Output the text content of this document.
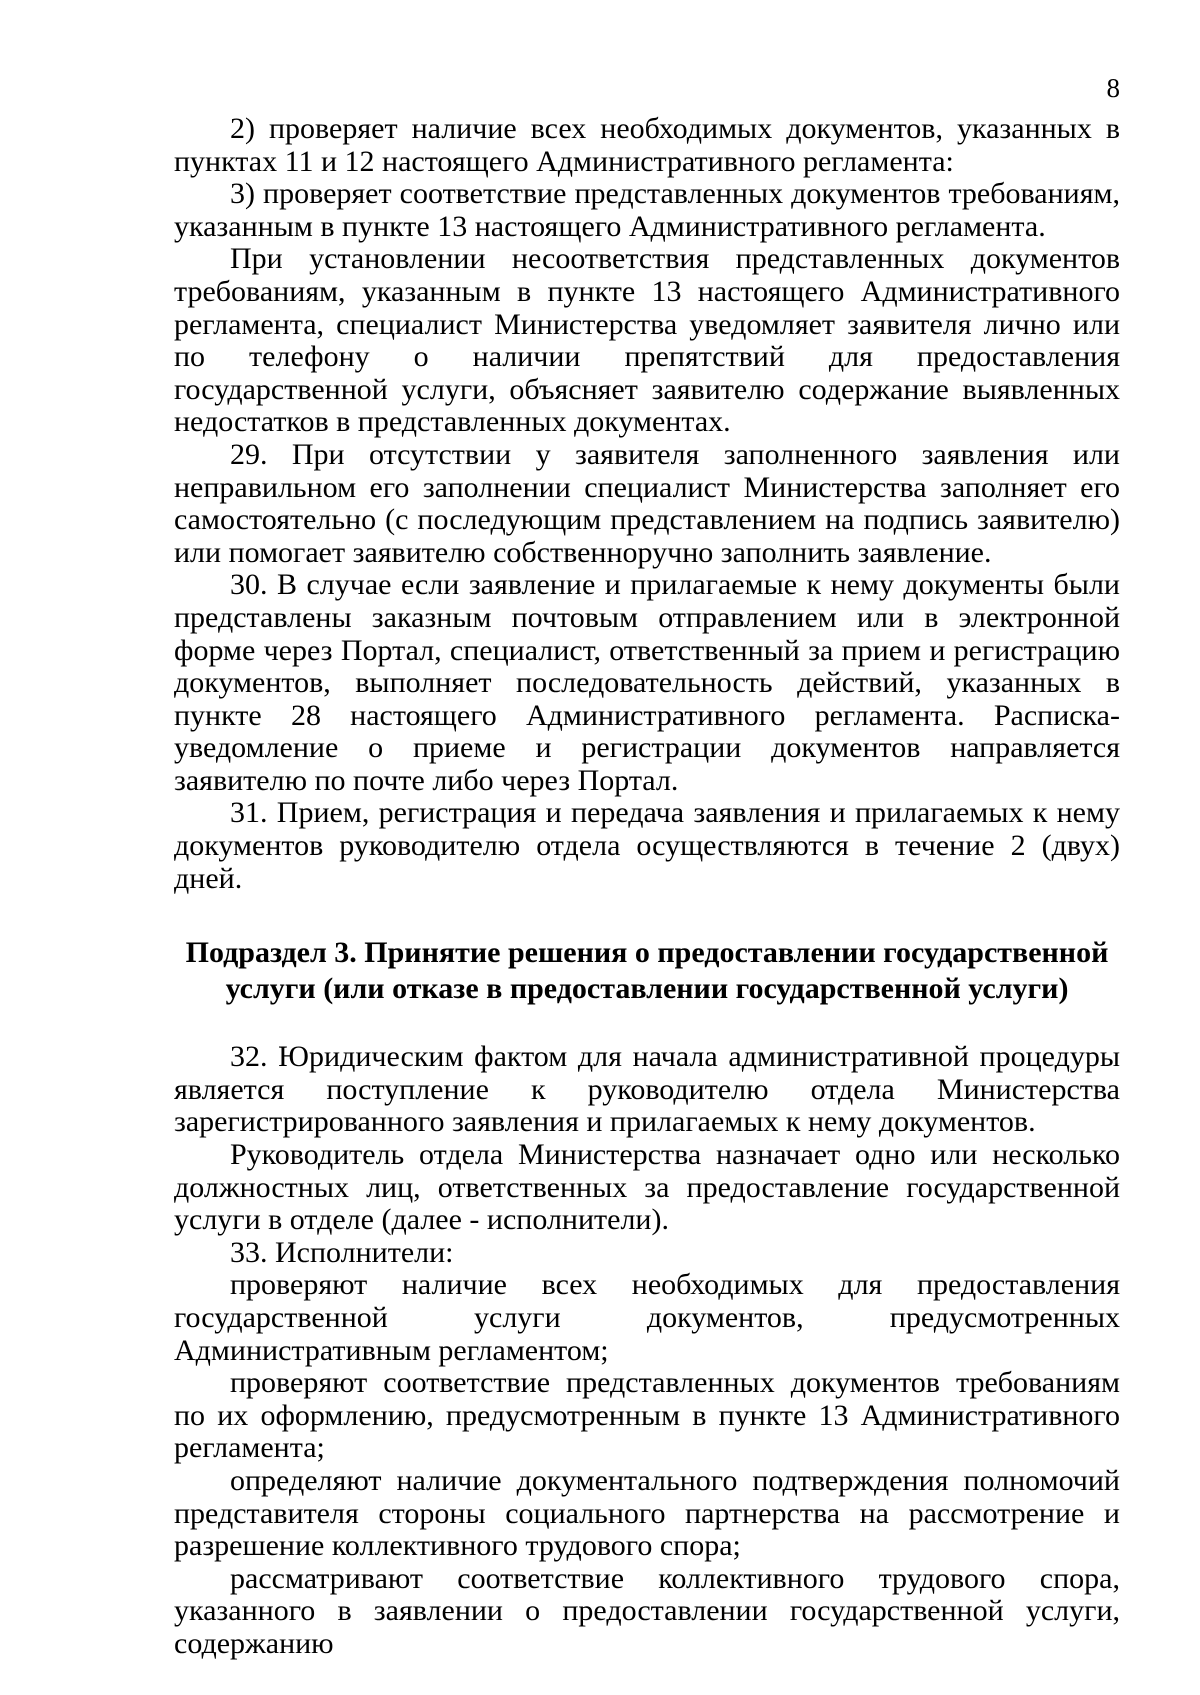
8

2) проверяет наличие всех необходимых документов, указанных в пунктах 11 и 12 настоящего Административного регламента:

3) проверяет соответствие представленных документов требованиям, указанным в пункте 13 настоящего Административного регламента.

При установлении несоответствия представленных документов требованиям, указанным в пункте 13 настоящего Административного регламента, специалист Министерства уведомляет заявителя лично или по телефону о наличии препятствий для предоставления государственной услуги, объясняет заявителю содержание выявленных недостатков в представленных документах.

29. При отсутствии у заявителя заполненного заявления или неправильном его заполнении специалист Министерства заполняет его самостоятельно (с последующим представлением на подпись заявителю) или помогает заявителю собственноручно заполнить заявление.

30. В случае если заявление и прилагаемые к нему документы были представлены заказным почтовым отправлением или в электронной форме через Портал, специалист, ответственный за прием и регистрацию документов, выполняет последовательность действий, указанных в пункте 28 настоящего Административного регламента. Расписка-уведомление о приеме и регистрации документов направляется заявителю по почте либо через Портал.

31. Прием, регистрация и передача заявления и прилагаемых к нему документов руководителю отдела осуществляются в течение 2 (двух) дней.

Подраздел 3. Принятие решения о предоставлении государственной
услуги (или отказе в предоставлении государственной услуги)

32. Юридическим фактом для начала административной процедуры является поступление к руководителю отдела Министерства зарегистрированного заявления и прилагаемых к нему документов.

Руководитель отдела Министерства назначает одно или несколько должностных лиц, ответственных за предоставление государственной услуги в отделе (далее - исполнители).

33. Исполнители:

проверяют наличие всех необходимых для предоставления государственной услуги документов, предусмотренных Административным регламентом;

проверяют соответствие представленных документов требованиям по их оформлению, предусмотренным в пункте 13 Административного регламента;

определяют наличие документального подтверждения полномочий представителя стороны социального партнерства на рассмотрение и разрешение коллективного трудового спора;

рассматривают соответствие коллективного трудового спора, указанного в заявлении о предоставлении государственной услуги, содержанию
